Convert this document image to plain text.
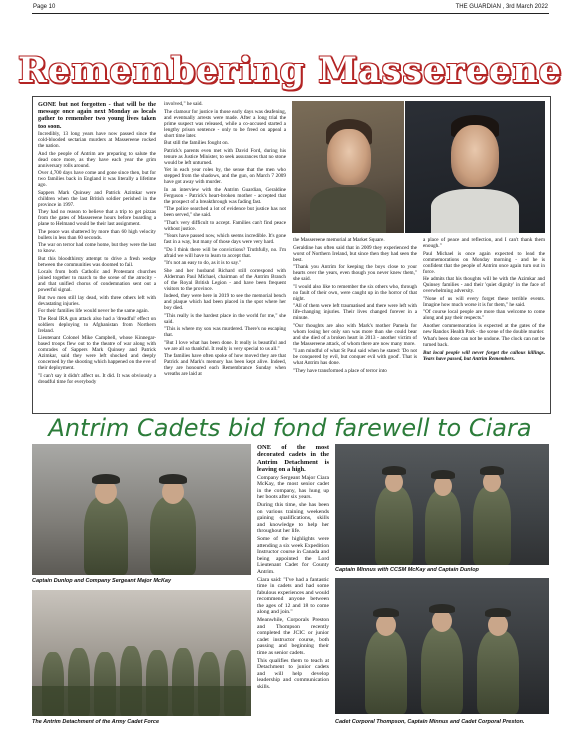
Page 10	THE GUARDIAN , 3rd March 2022
Remembering Massereene

GONE but not forgotten - that will be the message once again next Monday as locals gather to remember two young lives taken too soon.

Incredibly, 13 long years have now passed since the cold-blooded sectarian murders at Massereene rocked the nation.

And the people of Antrim are preparing to salute the dead once more, as they have each year the grim anniversary rolls around.

Over 4,700 days have come and gone since then, but for two families back in England it was literally a lifetime ago.

Sappers Mark Quinsey and Patrick Azimkar were children when the last British soldier perished in the province in 1997.

They had no reason to believe that a trip to get pizzas from the gates of Massereene hours before boarding a plane to Helmand would be their last assignment.

The peace was shattered by more than 60 high velocity bullets in less than 60 seconds.

The war on terror had come home, but they were the last to know.

But this bloodthirsty attempt to drive a fresh wedge between the communities was doomed to fail.

Locals from both Catholic and Protestant churches joined together to march to the scene of the atrocity - and that unified chorus of condemnation sent out a powerful signal.

But two men still lay dead, with three others left with devastating injuries.

For their families life would never be the same again.

The Real IRA gun attack also had a 'dreadful' effect on soldiers deploying to Afghanistan from Northern Ireland.

Lieutenant Colonel Mike Campbell, whose Kinnegar-based troops flew out to the theatre of war along with comrades of Sappers Mark Quinsey and Patrick Azimkar, said they were left shocked and deeply concerned by the shooting which happened on the eve of their deployment.

"I can't say it didn't affect us. It did. It was obviously a dreadful time for everybody

involved," he said.

The clamour for justice in those early days was deafening, and eventually arrests were made. After a long trial the prime suspect was released, while a co-accused started a lengthy prison sentence - only to be freed on appeal a short time later.

But still the families fought on.

Patrick's parents even met with David Ford, during his tenure as Justice Minister, to seek assurances that no stone would be left unturned.

Yet in each year roles by, the sense that the men who stepped from the shadows, and the gun, on March 7 2009 have got away with murder.

In an interview with the Antrim Guardian, Geraldine Ferguson - Patrick's heart-broken mother - accepted that the prospect of a breakthrough was fading fast.

"The police searched a lot of evidence but justice has not been served," she said.

"That's very difficult to accept. Families can't find peace without justice.

"Years have passed now, which seems incredible. It's gone fast in a way, but many of those days were very hard.

"Do I think there will be convictions? Truthfully, no. I'm afraid we will have to learn to accept that.

"It's not an easy to do, as it is to say."

She and her husband Richard still correspond with Alderman Paul Michael, chairman of the Antrim Branch of the Royal British Legion - and have been frequent visitors to the province.

Indeed, they were here in 2019 to see the memorial bench and plaque which had been placed in the spot where her boy died.

"This really is the hardest place in the world for me," she said.

"This is where my son was murdered. There's no escaping that.

"But I love what has been done. It really is beautiful and we are all so thankful. It really is very special to us all."

The families have often spoke of how moved they are that Patrick and Mark's memory has been kept alive. Indeed, they are honoured each Remembrance Sunday when wreaths are laid at

the Massereene memorial at Market Square.

Geraldine has often said that in 2009 they experienced the worst of Northern Ireland, but since then they had seen the best.

"Thank you Antrim for keeping the boys close to your hearts over the years, even though you never knew them," she said.

"I would also like to remember the six others who, through no fault of their own, were caught up in the horror of that night.

"All of them were left traumatised and there were left with life-changing injuries. Their lives changed forever in a minute.

"Our thoughts are also with Mark's mother Pamela for whom losing her only son was more than she could bear and she died of a broken heart in 2013 - another victim of the Massereene attack, of whom there are now many more.

"I am mindful of what St Paul said when he stated: 'Do not be conquered by evil, but conquer evil with good'. That is what Antrim has done.

"They have transformed a place of terror into

a place of peace and reflection, and I can't thank them enough."

Paul Michael is once again expected to lead the commemorations on Monday morning - and he is confident that the people of Antrim once again turn out in force.

He admits that his thoughts will be with the Azimkar and Quinsey families - and their 'quiet dignity' in the face of overwhelming adversity.

"None of us will every forget these terrible events. Imagine how much worse it is for them," he said.

"Of course local people are more than welcome to come along and pay their respects."

Another commemoration is expected at the gates of the new Randox Health Park - the scene of the double murder.

What's been done can not be undone. The clock can not be turned back.

But local people will never forget the callous killings. Years have passed, but Antrim Remembers.

Antrim Cadets bid fond farewell to Ciara
Captain Dunlop and Company Sergeant Major McKay
The Antrim Detachment of the Army Cadet Force

ONE of the most decorated cadets in the Antrim Detachment is leaving on a high.

Company Sergeant Major Ciara McKay, the most senior cadet in the company, has hung up her boots after six years.

During this time, she has been on various training weekends gaining qualifications, skills and knowledge to help her throughout her life.

Some of the highlights were attending a six week Expedition Instructor course in Canada and being appointed the Lord Lieutenant Cadet for County Antrim.

Ciara said: "I've had a fantastic time in cadets and had some fabulous experiences and would recommend anyone between the ages of 12 and 18 to come along and join."

Meanwhile, Corporals Preston and Thompson recently completed the JCIC or junior cadet instructor course, both passing and beginning their time as senior cadets.

This qualifies them to teach at Detachment to junior cadets and will help develop leadership and communication skills.

Captain Minnus with CCSM McKay and Captain Dunlop
Cadet Corporal Thompson, Captain Minnus and Cadet Corporal Preston.
